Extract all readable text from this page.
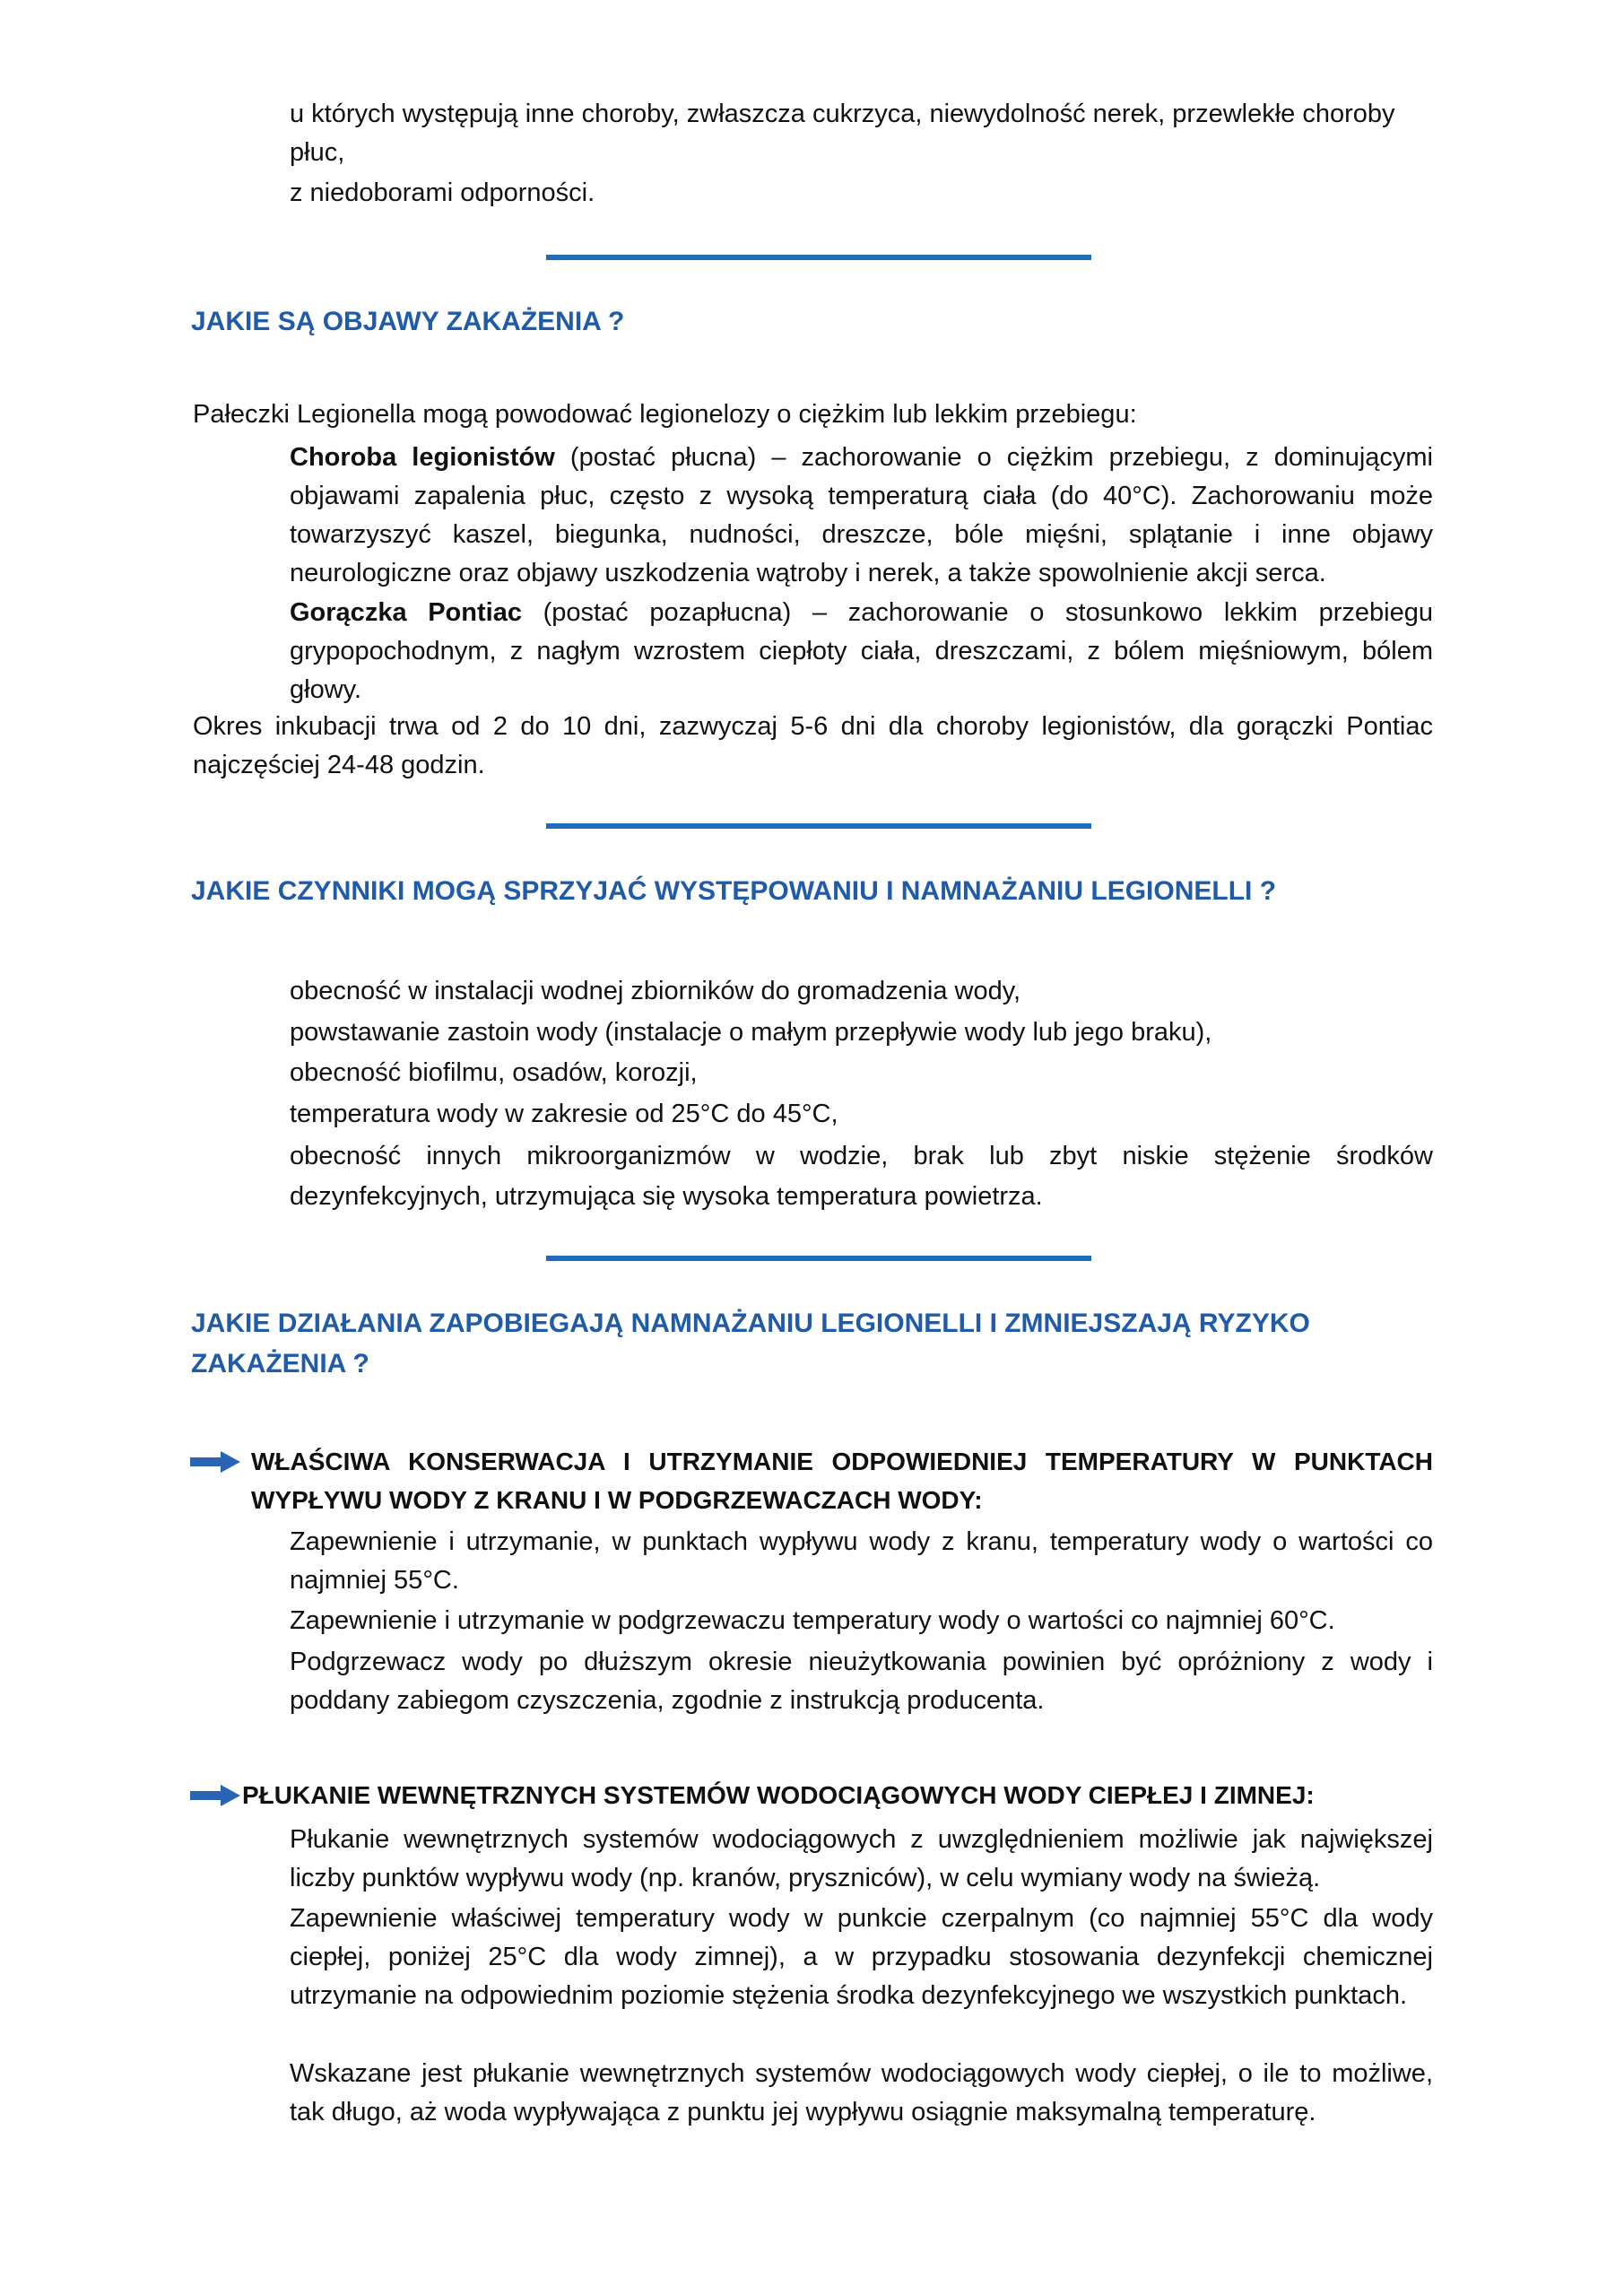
u których występują inne choroby, zwłaszcza cukrzyca, niewydolność nerek, przewlekłe choroby płuc,

z niedoborami odporności.

JAKIE SĄ OBJAWY ZAKAŻENIA ?

Pałeczki Legionella mogą powodować legionelozy o ciężkim lub lekkim przebiegu:

Choroba legionistów (postać płucna) – zachorowanie o ciężkim przebiegu, z dominującymi objawami zapalenia płuc, często z wysoką temperaturą ciała (do 40°C). Zachorowaniu może towarzyszyć kaszel, biegunka, nudności, dreszcze, bóle mięśni, splątanie i inne objawy neurologiczne oraz objawy uszkodzenia wątroby i nerek, a także spowolnienie akcji serca.

Gorączka Pontiac (postać pozapłucna) – zachorowanie o stosunkowo lekkim przebiegu grypopochodnym, z nagłym wzrostem ciepłoty ciała, dreszczami, z bólem mięśniowym, bólem głowy.

Okres inkubacji trwa od 2 do 10 dni, zazwyczaj 5-6 dni dla choroby legionistów, dla gorączki Pontiac najczęściej 24-48 godzin.

JAKIE CZYNNIKI MOGĄ SPRZYJAĆ WYSTĘPOWANIU I NAMNAŻANIU LEGIONELLI ?

obecność w instalacji wodnej zbiorników do gromadzenia wody,

powstawanie zastoin wody (instalacje o małym przepływie wody lub jego braku),

obecność biofilmu, osadów, korozji,

temperatura wody w zakresie od 25°C do 45°C,

obecność innych mikroorganizmów w wodzie, brak lub zbyt niskie stężenie środków dezynfekcyjnych, utrzymująca się wysoka temperatura powietrza.

JAKIE DZIAŁANIA ZAPOBIEGAJĄ NAMNAŻANIU LEGIONELLI I ZMNIEJSZAJĄ RYZYKO
ZAKAŻENIA ?

WŁAŚCIWA KONSERWACJA I UTRZYMANIE ODPOWIEDNIEJ TEMPERATURY W PUNKTACH WYPŁYWU WODY Z KRANU I W PODGRZEWACZACH WODY:

Zapewnienie i utrzymanie, w punktach wypływu wody z kranu, temperatury wody o wartości co najmniej 55°C.

Zapewnienie i utrzymanie w podgrzewaczu temperatury wody o wartości co najmniej 60°C.

Podgrzewacz wody po dłuższym okresie nieużytkowania powinien być opróżniony z wody i poddany zabiegom czyszczenia, zgodnie z instrukcją producenta.

PŁUKANIE WEWNĘTRZNYCH SYSTEMÓW WODOCIĄGOWYCH WODY CIEPŁEJ I ZIMNEJ:

Płukanie wewnętrznych systemów wodociągowych z uwzględnieniem możliwie jak największej liczby punktów wypływu wody (np. kranów, pryszniców), w celu wymiany wody na świeżą.

Zapewnienie właściwej temperatury wody w punkcie czerpalnym (co najmniej 55°C dla wody ciepłej, poniżej 25°C dla wody zimnej), a w przypadku stosowania dezynfekcji chemicznej utrzymanie na odpowiednim poziomie stężenia środka dezynfekcyjnego we wszystkich punktach.

Wskazane jest płukanie wewnętrznych systemów wodociągowych wody ciepłej, o ile to możliwe, tak długo, aż woda wypływająca z punktu jej wypływu osiągnie maksymalną temperaturę.
